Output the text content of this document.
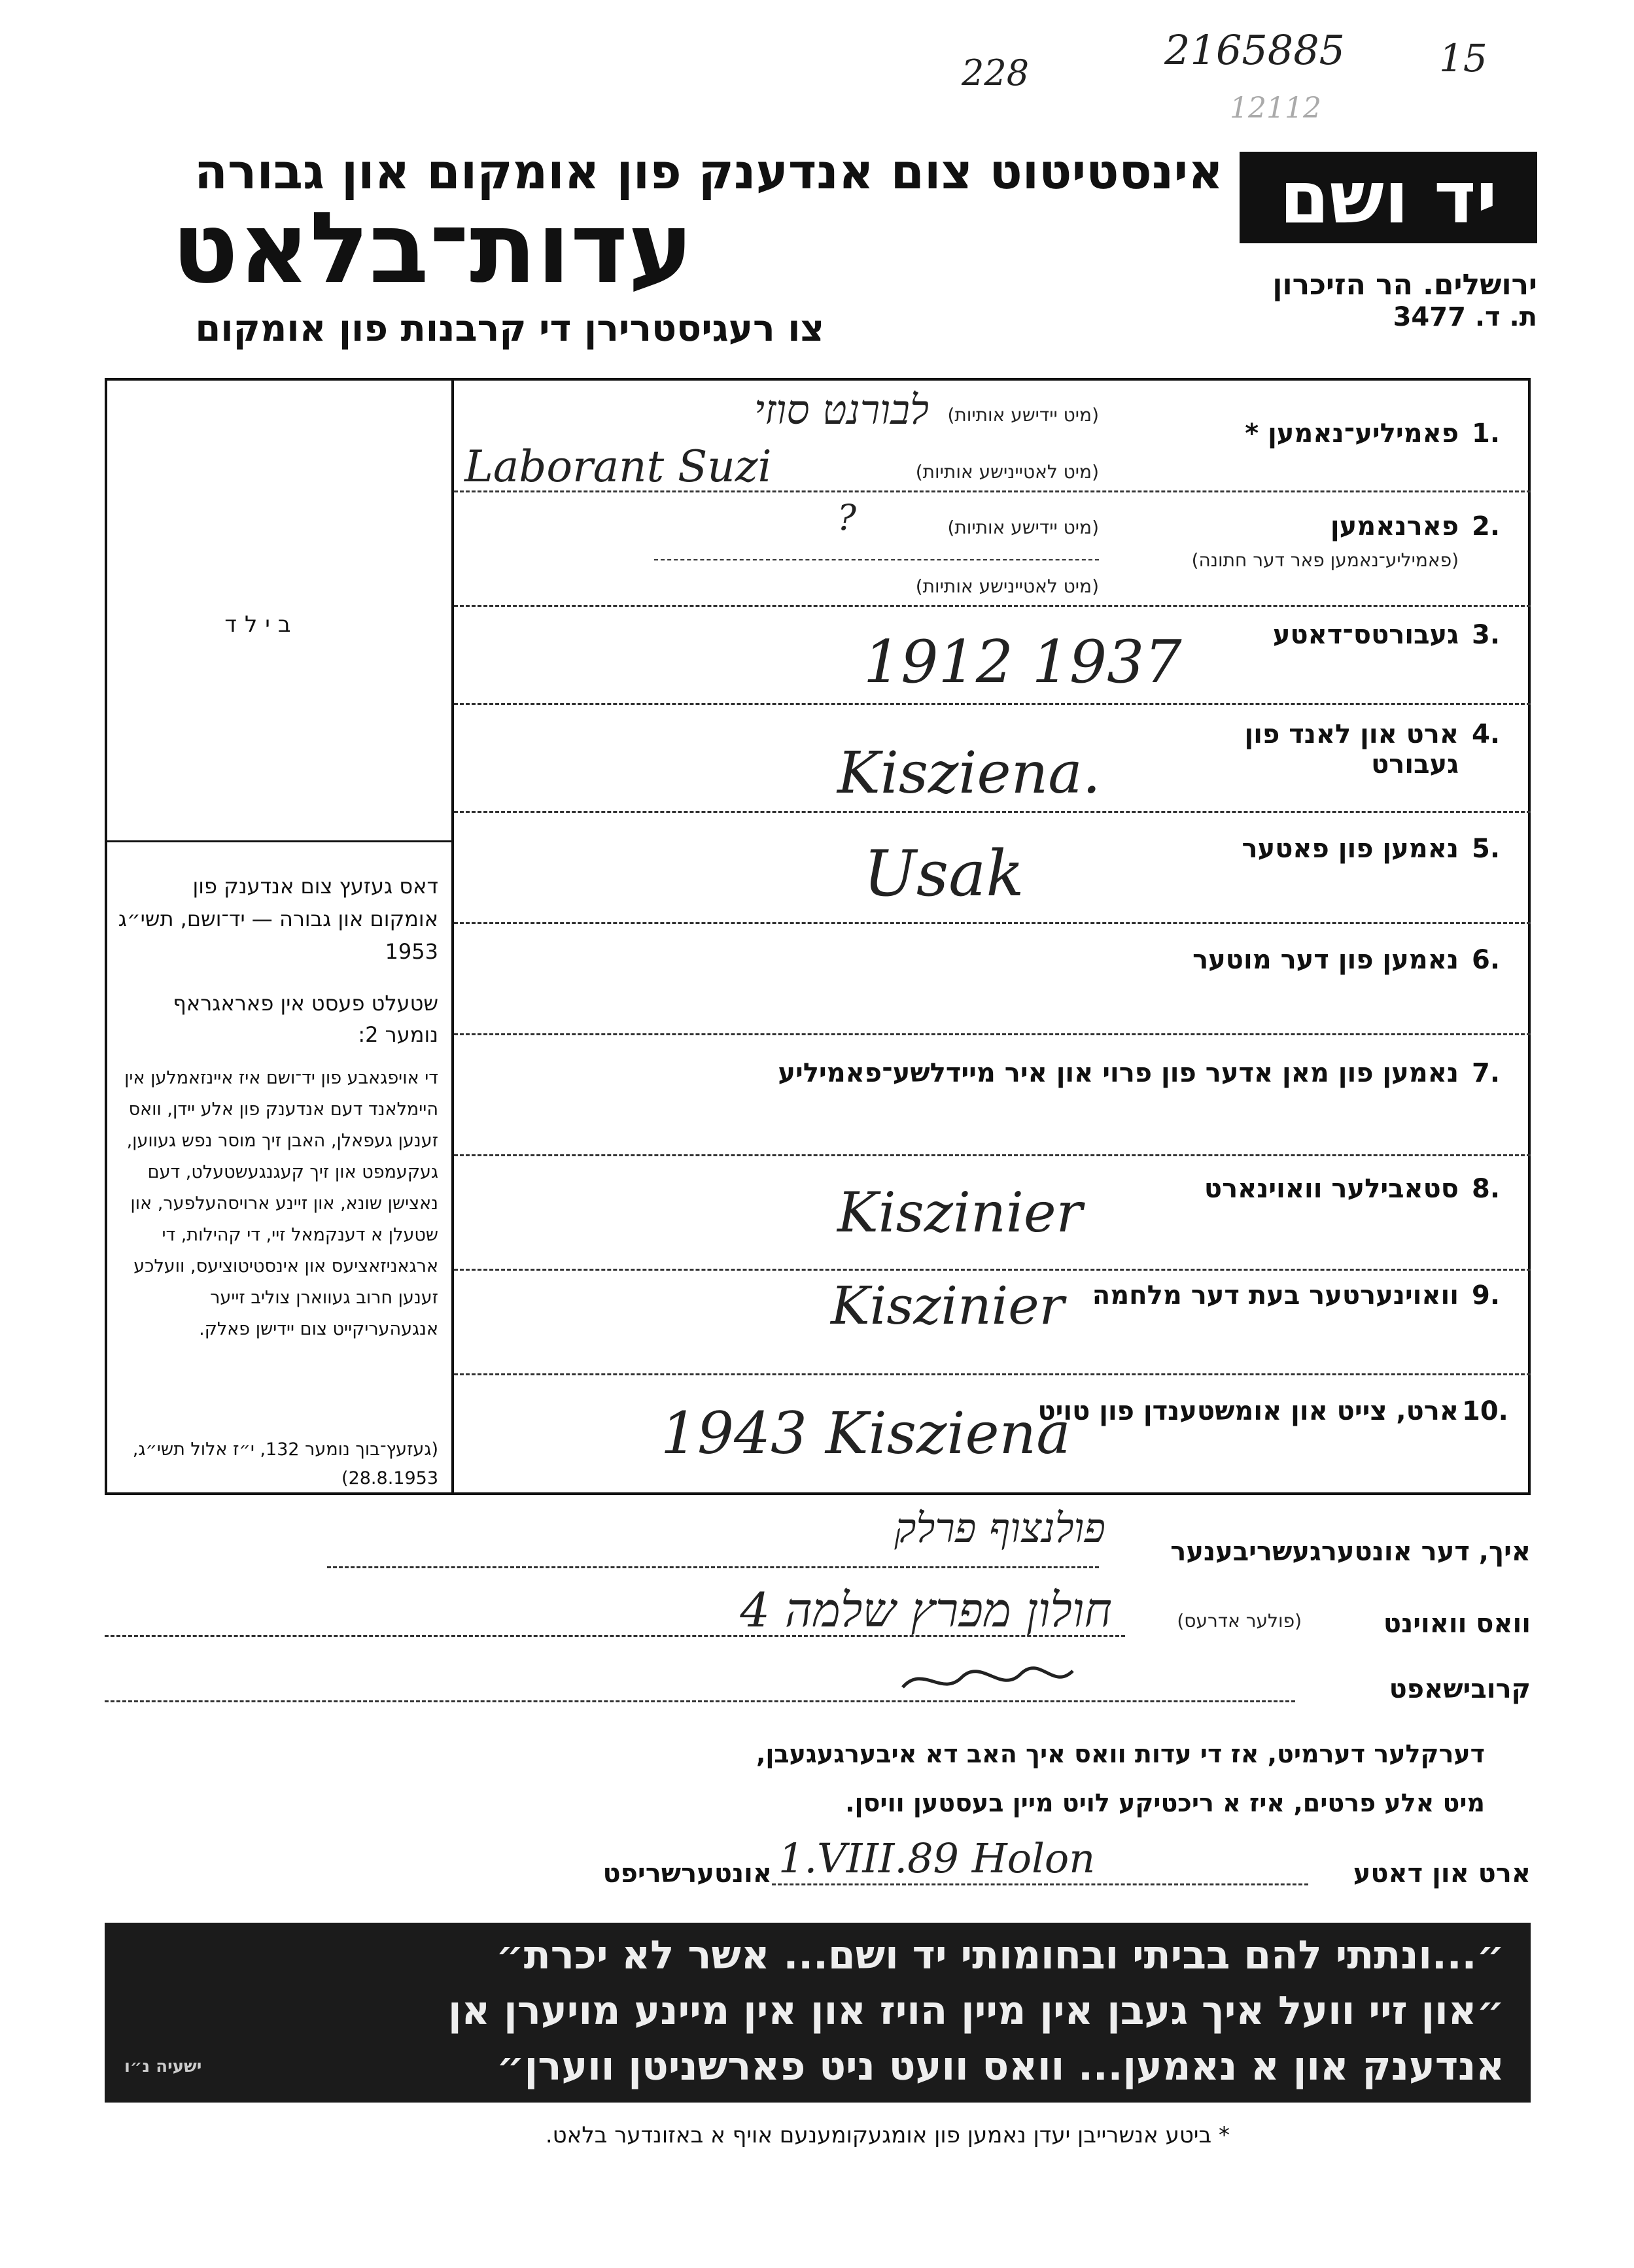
2165885 15
228
12112
יד ושם
אינסטיטוט צום אנדענק פון אומקום און גבורה
עדות־בלאט
צו רעגיסטרירן די קרבנות פון אומקום
ירושלים. הר הזיכרון
ת. ד. 3477
בילד
דאס געזעץ צום אנדענק פון אומקום און גבורה — יד־ושם, תשי״ג 1953
שטעלט פעסט אין פאראגראף נומער 2:
די אויפגאבע פון יד־ושם איז איינזאמלען אין היימלאנד דעם אנדענק פון אלע יידן, וואס זענען געפאלן, האבן זיך מוסר נפש געווען, געקעמפט און זיך קעגנגעשטעלט, דעם נאצישן שונא, און זיינע ארויסהעלפער, און שטעלן א דענקמאל זיי, די קהילות, די ארגאניזאציעס און אינסטיטוציעס, וועלכע זענען חרוב געווארן צוליב זייער אנגעהעריקייט צום יידישן פאלק.
(געזעץ־בוך נומער 132, י״ז אלול תשי״ג, 28.8.1953)
1.
פאמיליע־נאמען *
(מיט יידישע אותיות)
(מיט לאטיינישע אותיות)
לבורנט סוזי
Laborant Suzi
2.
פארנאמען
(פאמיליע־נאמען פאר דער חתונה)
(מיט יידישע אותיות)
(מיט לאטיינישע אותיות)
?
3.
געבורטס־דאטע
1912 1937
4.
ארט און לאנד פון געבורט
Kisziena.
5.
נאמען פון פאטער
Usak
6.
נאמען פון דער מוטער
7.
נאמען פון מאן אדער פון פרוי און איר מיידלשע־פאמיליע
8.
סטאבילער וואוינארט
Kiszinier
9.
וואוינערטער בעת דער מלחמה
Kiszinier
10.
ארט, צייט און אומשטענדן פון טויט
1943 Kisziena
איך, דער אונטערגעשריבענער
פולנצוף פרלק
וואס וואוינט
(פולער אדרעס)
חולון מפרץ שלמה 4
קרובישאפט
דערקלער דערמיט, אז די עדות וואס איך האב דא איבערגעגעבן,
מיט אלע פרטים, איז א ריכטיקע לויט מיין בעסטען וויסן.
ארט און דאטע
1.VIII.89 Holon
אונטערשריפט
״...ונתתי להם בביתי ובחומותי יד ושם... אשר לא יכרת״
״און זיי וועל איך געבן אין מיין הויז און אין מיינע מויערן אן
אנדענק און א נאמען... וואס וועט ניט פארשניטן ווערן״
ישעיה נ״ו
* ביטע אנשרייבן יעדן נאמען פון אומגעקומענעם אויף א באזונדער בלאט.
